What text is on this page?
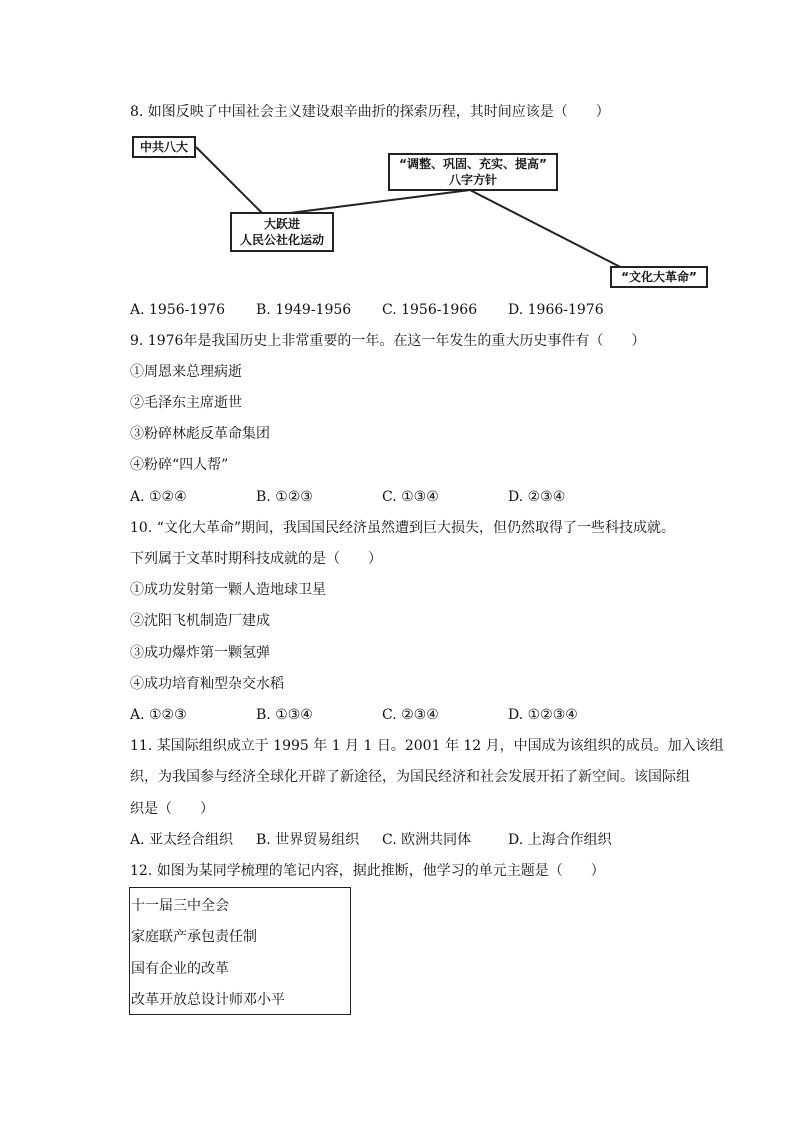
8. 如图反映了中国社会主义建设艰辛曲折的探索历程，其时间应该是（　　）
中共八大
大跃进
人民公社化运动
“调整、巩固、充实、提高”
八字方针
“文化大革命”
A. 1956-1976 B. 1949-1956 C. 1956-1966 D. 1966-1976
9. 1976年是我国历史上非常重要的一年。在这一年发生的重大历史事件有（　　）
①周恩来总理病逝
②毛泽东主席逝世
③粉碎林彪反革命集团
④粉碎“四人帮”
A. ①②④	B. ①②③	C. ①③④	D. ②③④
10. “文化大革命”期间，我国国民经济虽然遭到巨大损失，但仍然取得了一些科技成就。
下列属于文革时期科技成就的是（　　）
①成功发射第一颗人造地球卫星
②沈阳飞机制造厂建成
③成功爆炸第一颗氢弹
④成功培育籼型杂交水稻
A. ①②③	B. ①③④	C. ②③④	D. ①②③④
11. 某国际组织成立于 1995 年 1 月 1 日。2001 年 12 月，中国成为该组织的成员。加入该组
织，为我国参与经济全球化开辟了新途径，为国民经济和社会发展开拓了新空间。该国际组
织是（　　）
A. 亚太经合组织 B. 世界贸易组织 C. 欧洲共同体	D. 上海合作组织
12. 如图为某同学梳理的笔记内容，据此推断，他学习的单元主题是（　　）
十一届三中全会
家庭联产承包责任制
国有企业的改革
改革开放总设计师邓小平
